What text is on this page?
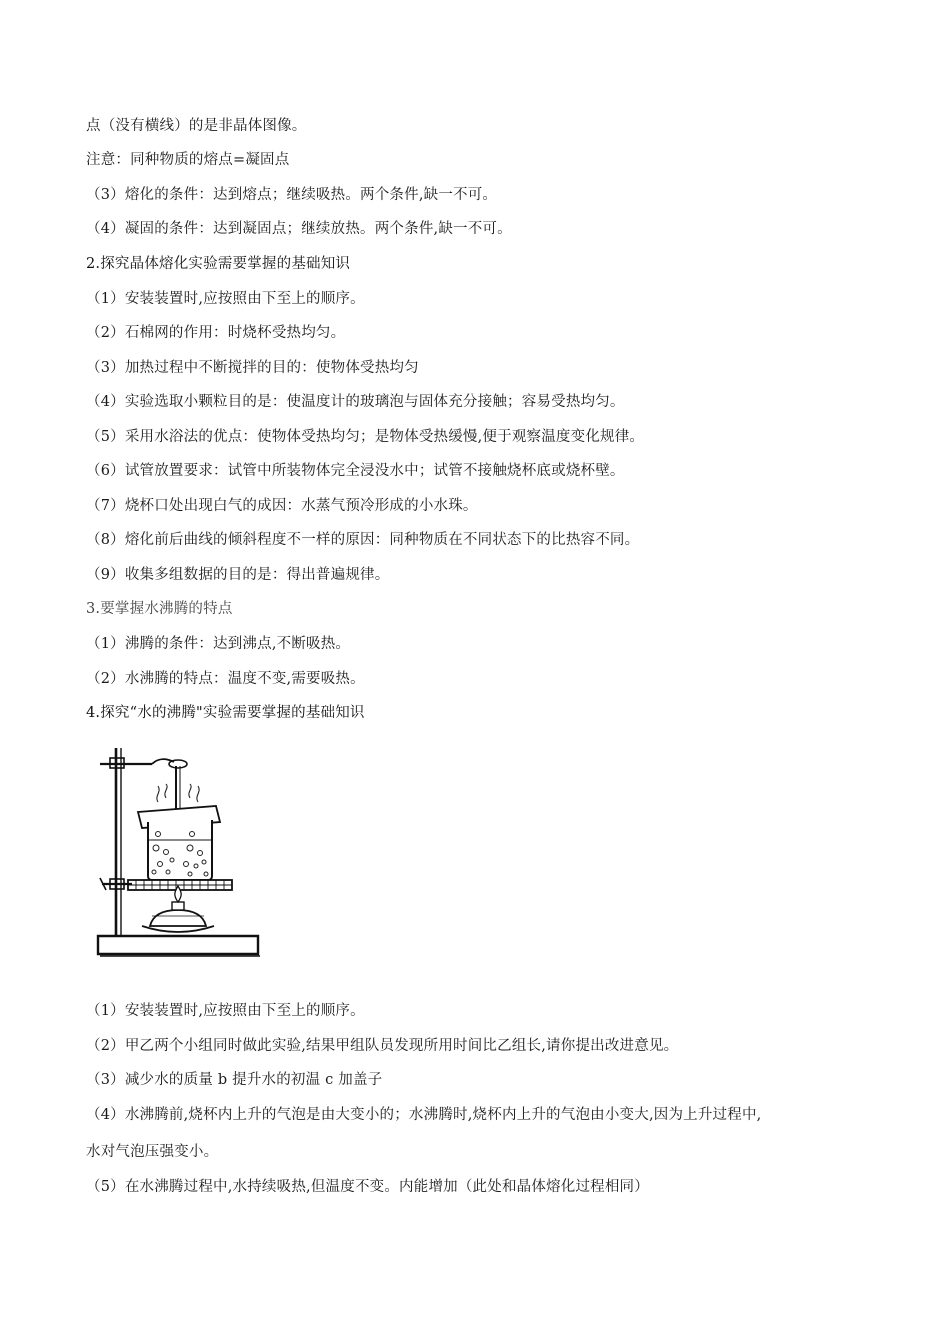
点（没有横线）的是非晶体图像。
注意：同种物质的熔点=凝固点
（3）熔化的条件：达到熔点；继续吸热。两个条件,缺一不可。
（4）凝固的条件：达到凝固点；继续放热。两个条件,缺一不可。
2.探究晶体熔化实验需要掌握的基础知识
（1）安装装置时,应按照由下至上的顺序。
（2）石棉网的作用：时烧杯受热均匀。
（3）加热过程中不断搅拌的目的：使物体受热均匀
（4）实验选取小颗粒目的是：使温度计的玻璃泡与固体充分接触；容易受热均匀。
（5）采用水浴法的优点：使物体受热均匀；是物体受热缓慢,便于观察温度变化规律。
（6）试管放置要求：试管中所装物体完全浸没水中；试管不接触烧杯底或烧杯壁。
（7）烧杯口处出现白气的成因：水蒸气预冷形成的小水珠。
（8）熔化前后曲线的倾斜程度不一样的原因：同种物质在不同状态下的比热容不同。
（9）收集多组数据的目的是：得出普遍规律。
3.要掌握水沸腾的特点
（1）沸腾的条件：达到沸点,不断吸热。
（2）水沸腾的特点：温度不变,需要吸热。
4.探究“水的沸腾"实验需要掌握的基础知识
（1）安装装置时,应按照由下至上的顺序。
（2）甲乙两个小组同时做此实验,结果甲组队员发现所用时间比乙组长,请你提出改进意见。
（3）减少水的质量 b 提升水的初温 c 加盖子
（4）水沸腾前,烧杯内上升的气泡是由大变小的；水沸腾时,烧杯内上升的气泡由小变大,因为上升过程中,
水对气泡压强变小。
（5）在水沸腾过程中,水持续吸热,但温度不变。内能增加（此处和晶体熔化过程相同）
